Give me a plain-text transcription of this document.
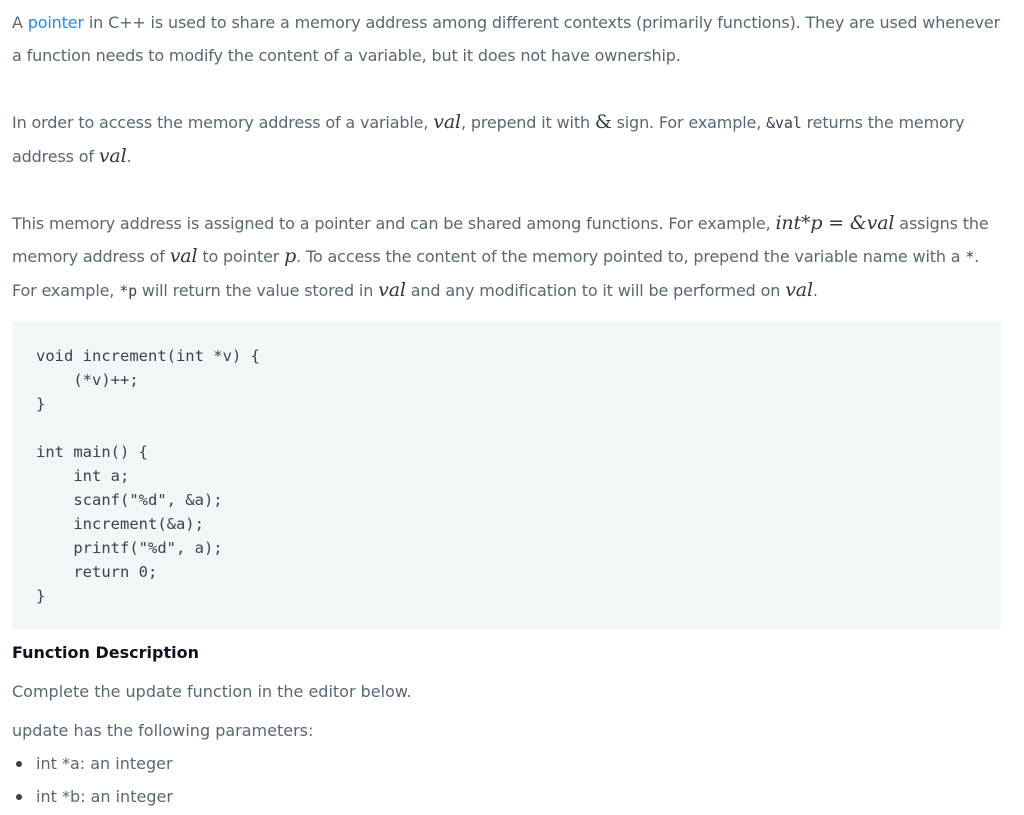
A pointer in C++ is used to share a memory address among different contexts (primarily functions). They are used whenever a function needs to modify the content of a variable, but it does not have ownership.

In order to access the memory address of a variable, val, prepend it with & sign. For example, &val returns the memory address of val.

This memory address is assigned to a pointer and can be shared among functions. For example, int*p = &val assigns the memory address of val to pointer p. To access the content of the memory pointed to, prepend the variable name with a *. For example, *p will return the value stored in val and any modification to it will be performed on val.

void increment(int *v) {
(*v)++;
}
int main() {
int a;
scanf("%d", &a);
increment(&a);
printf("%d", a);
return 0;
}
Function Description

Complete the update function in the editor below.

update has the following parameters:

int *a: an integer
int *b: an integer
